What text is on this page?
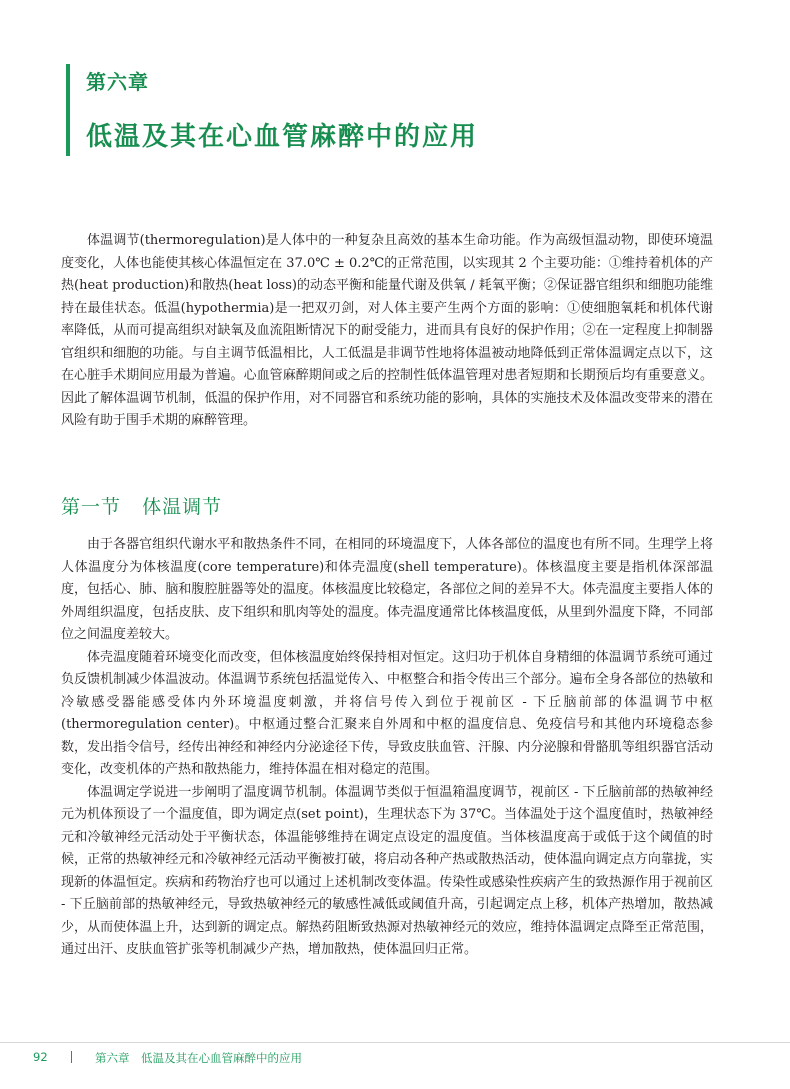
第六章
低温及其在心血管麻醉中的应用

体温调节(thermoregulation)是人体中的一种复杂且高效的基本生命功能。作为高级恒温动物，即使环境温度变化，人体也能使其核心体温恒定在 37.0℃ ± 0.2℃的正常范围，以实现其 2 个主要功能：①维持着机体的产热(heat production)和散热(heat loss)的动态平衡和能量代谢及供氧 / 耗氧平衡；②保证器官组织和细胞功能维持在最佳状态。低温(hypothermia)是一把双刃剑，对人体主要产生两个方面的影响：①使细胞氧耗和机体代谢率降低，从而可提高组织对缺氧及血流阻断情况下的耐受能力，进而具有良好的保护作用；②在一定程度上抑制器官组织和细胞的功能。与自主调节低温相比，人工低温是非调节性地将体温被动地降低到正常体温调定点以下，这在心脏手术期间应用最为普遍。心血管麻醉期间或之后的控制性低体温管理对患者短期和长期预后均有重要意义。因此了解体温调节机制，低温的保护作用，对不同器官和系统功能的影响，具体的实施技术及体温改变带来的潜在风险有助于围手术期的麻醉管理。

第一节   体温调节

由于各器官组织代谢水平和散热条件不同，在相同的环境温度下，人体各部位的温度也有所不同。生理学上将人体温度分为体核温度(core temperature)和体壳温度(shell temperature)。体核温度主要是指机体深部温度，包括心、肺、脑和腹腔脏器等处的温度。体核温度比较稳定，各部位之间的差异不大。体壳温度主要指人体的外周组织温度，包括皮肤、皮下组织和肌肉等处的温度。体壳温度通常比体核温度低，从里到外温度下降，不同部位之间温度差较大。

体壳温度随着环境变化而改变，但体核温度始终保持相对恒定。这归功于机体自身精细的体温调节系统可通过负反馈机制减少体温波动。体温调节系统包括温觉传入、中枢整合和指令传出三个部分。遍布全身各部位的热敏和冷敏感受器能感受体内外环境温度刺激，并将信号传入到位于视前区 - 下丘脑前部的体温调节中枢(thermoregulation center)。中枢通过整合汇聚来自外周和中枢的温度信息、免疫信号和其他内环境稳态参数，发出指令信号，经传出神经和神经内分泌途径下传，导致皮肤血管、汗腺、内分泌腺和骨骼肌等组织器官活动变化，改变机体的产热和散热能力，维持体温在相对稳定的范围。

体温调定学说进一步阐明了温度调节机制。体温调节类似于恒温箱温度调节，视前区 - 下丘脑前部的热敏神经元为机体预设了一个温度值，即为调定点(set point)，生理状态下为 37℃。当体温处于这个温度值时，热敏神经元和冷敏神经元活动处于平衡状态，体温能够维持在调定点设定的温度值。当体核温度高于或低于这个阈值的时候，正常的热敏神经元和冷敏神经元活动平衡被打破，将启动各种产热或散热活动，使体温向调定点方向靠拢，实现新的体温恒定。疾病和药物治疗也可以通过上述机制改变体温。传染性或感染性疾病产生的致热源作用于视前区 - 下丘脑前部的热敏神经元，导致热敏神经元的敏感性减低或阈值升高，引起调定点上移，机体产热增加，散热减少，从而使体温上升，达到新的调定点。解热药阻断致热源对热敏神经元的效应，维持体温调定点降至正常范围，通过出汗、皮肤血管扩张等机制减少产热，增加散热，使体温回归正常。

92	第六章　低温及其在心血管麻醉中的应用
